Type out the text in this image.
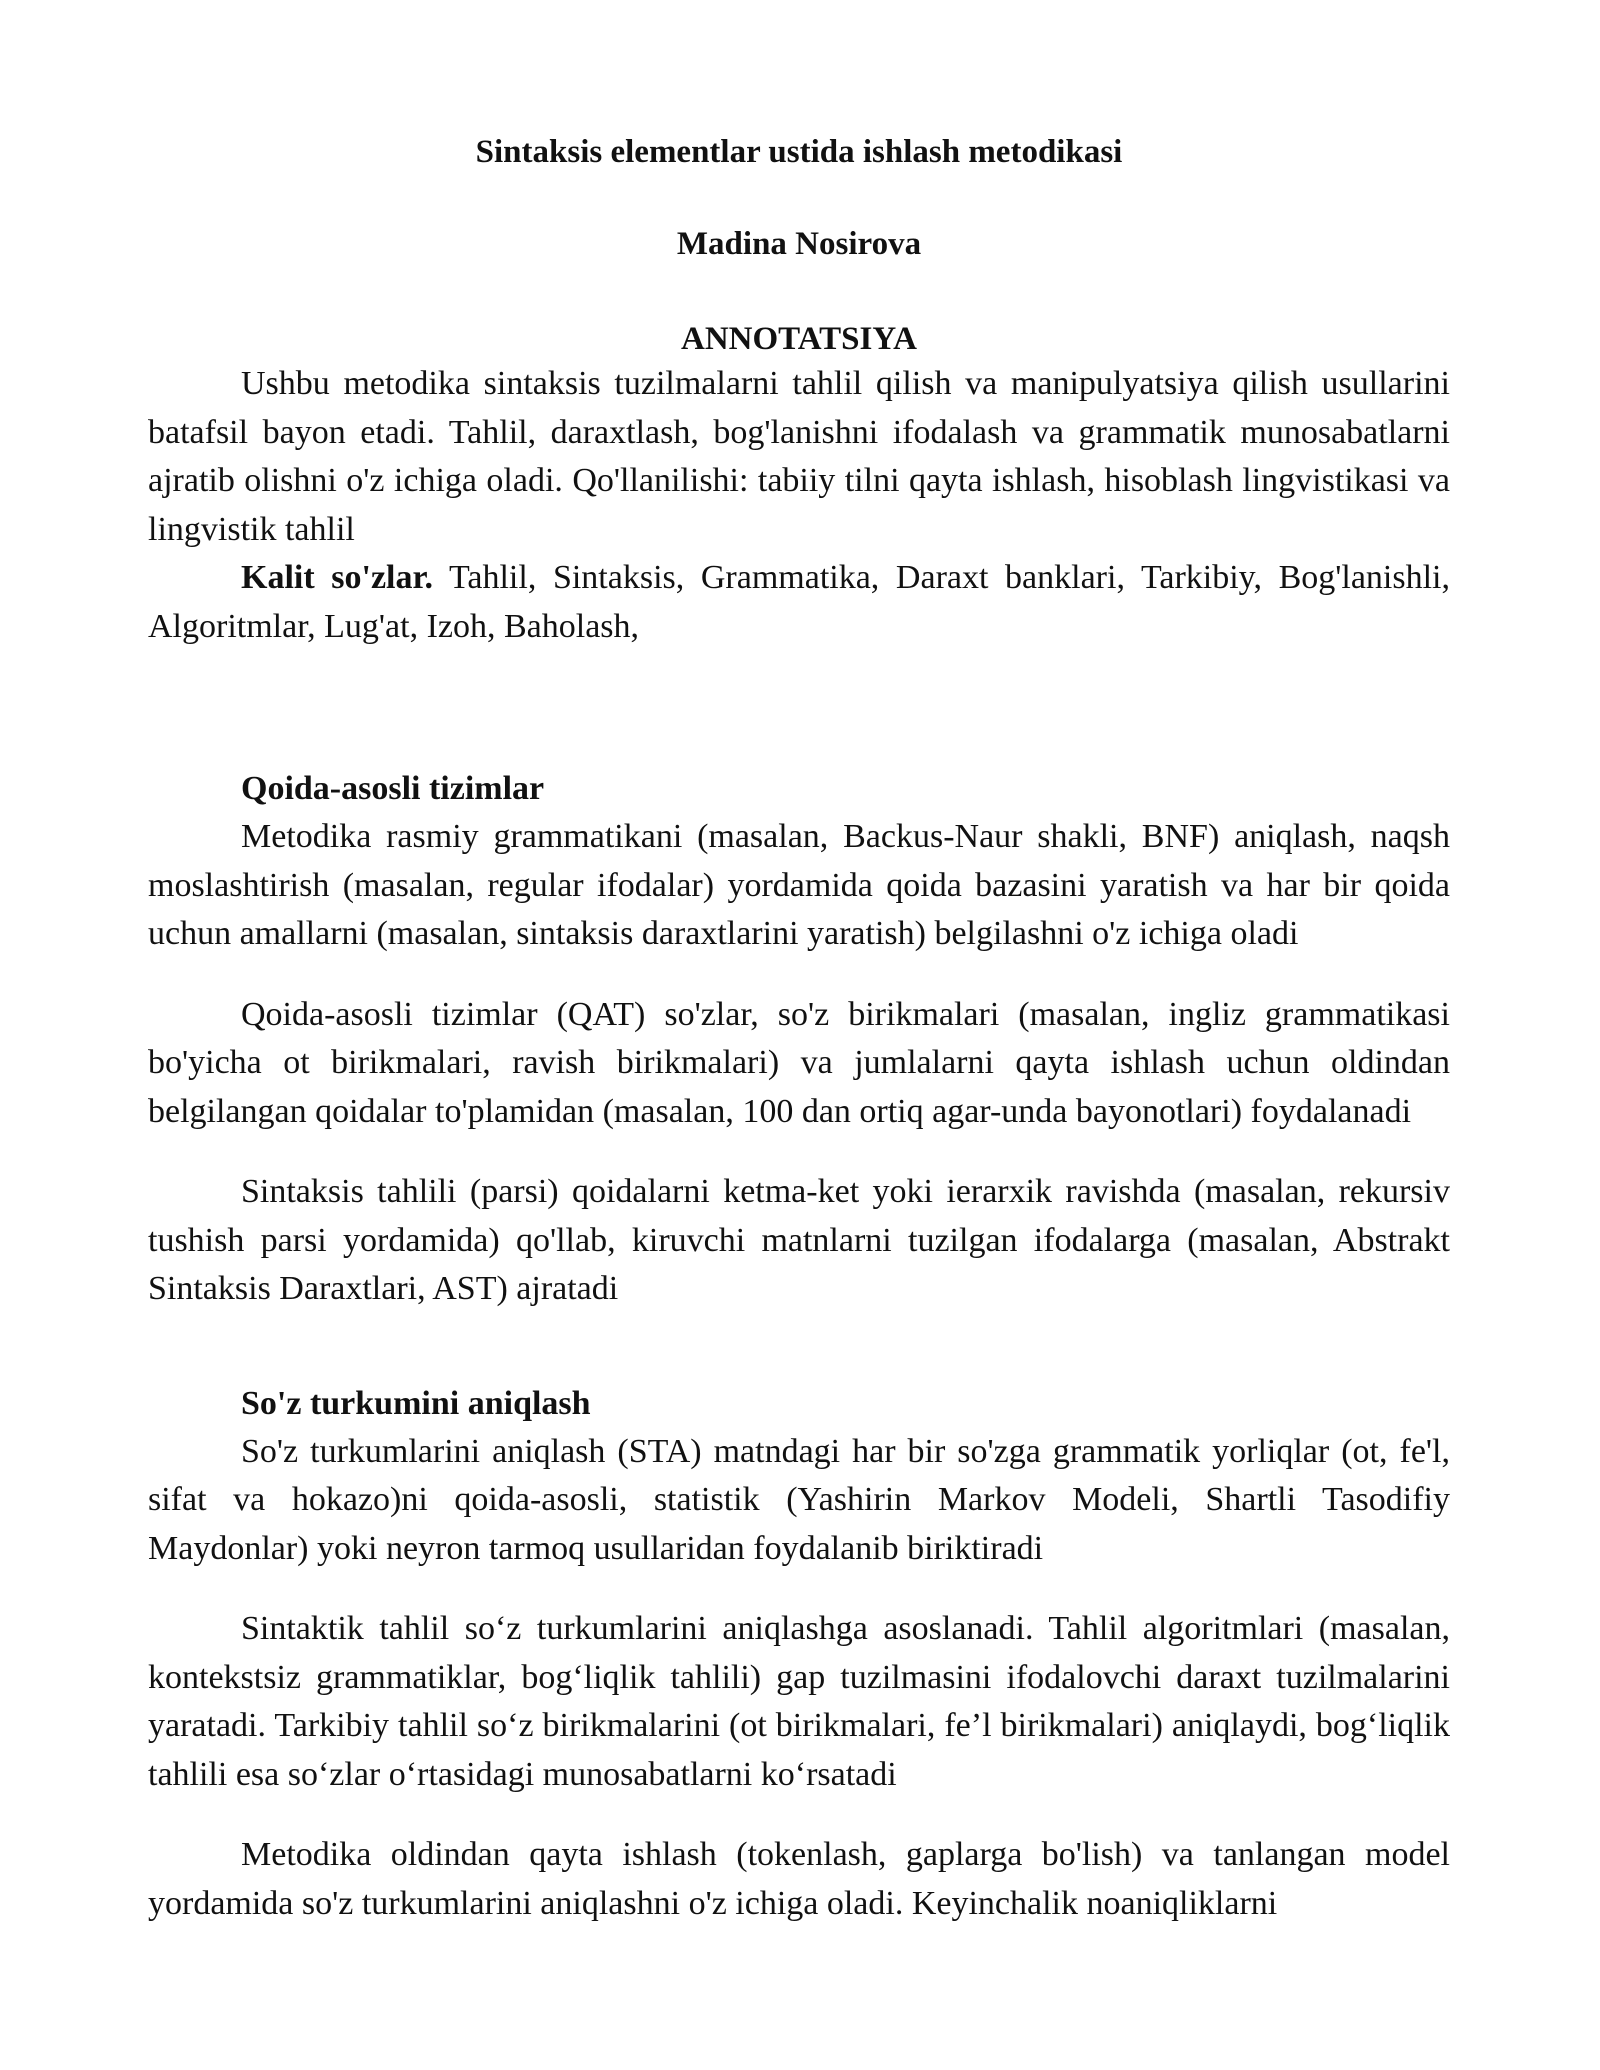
Sintaksis elementlar ustida ishlash metodikasi

Madina Nosirova

ANNOTATSIYA

Ushbu metodika sintaksis tuzilmalarni tahlil qilish va manipulyatsiya qilish usullarini batafsil bayon etadi. Tahlil, daraxtlash, bog'lanishni ifodalash va grammatik munosabatlarni ajratib olishni o'z ichiga oladi. Qo'llanilishi: tabiiy tilni qayta ishlash, hisoblash lingvistikasi va lingvistik tahlil

Kalit so'zlar. Tahlil, Sintaksis, Grammatika, Daraxt banklari, Tarkibiy, Bog'lanishli, Algoritmlar, Lug'at, Izoh, Baholash,

Qoida-asosli tizimlar

Metodika rasmiy grammatikani (masalan, Backus-Naur shakli, BNF) aniqlash, naqsh moslashtirish (masalan, regular ifodalar) yordamida qoida bazasini yaratish va har bir qoida uchun amallarni (masalan, sintaksis daraxtlarini yaratish) belgilashni o'z ichiga oladi

Qoida-asosli tizimlar (QAT) so'zlar, so'z birikmalari (masalan, ingliz grammatikasi bo'yicha ot birikmalari, ravish birikmalari) va jumlalarni qayta ishlash uchun oldindan belgilangan qoidalar to'plamidan (masalan, 100 dan ortiq agar-unda bayonotlari) foydalanadi

Sintaksis tahlili (parsi) qoidalarni ketma-ket yoki ierarxik ravishda (masalan, rekursiv tushish parsi yordamida) qo'llab, kiruvchi matnlarni tuzilgan ifodalarga (masalan, Abstrakt Sintaksis Daraxtlari, AST) ajratadi

So'z turkumini aniqlash

So'z turkumlarini aniqlash (STA) matndagi har bir so'zga grammatik yorliqlar (ot, fe'l, sifat va hokazo)ni qoida-asosli, statistik (Yashirin Markov Modeli, Shartli Tasodifiy Maydonlar) yoki neyron tarmoq usullaridan foydalanib biriktiradi

Sintaktik tahlil so‘z turkumlarini aniqlashga asoslanadi. Tahlil algoritmlari (masalan, kontekstsiz grammatiklar, bog‘liqlik tahlili) gap tuzilmasini ifodalovchi daraxt tuzilmalarini yaratadi. Tarkibiy tahlil so‘z birikmalarini (ot birikmalari, fe’l birikmalari) aniqlaydi, bog‘liqlik tahlili esa so‘zlar o‘rtasidagi munosabatlarni ko‘rsatadi

Metodika oldindan qayta ishlash (tokenlash, gaplarga bo'lish) va tanlangan model yordamida so'z turkumlarini aniqlashni o'z ichiga oladi. Keyinchalik noaniqliklarni
